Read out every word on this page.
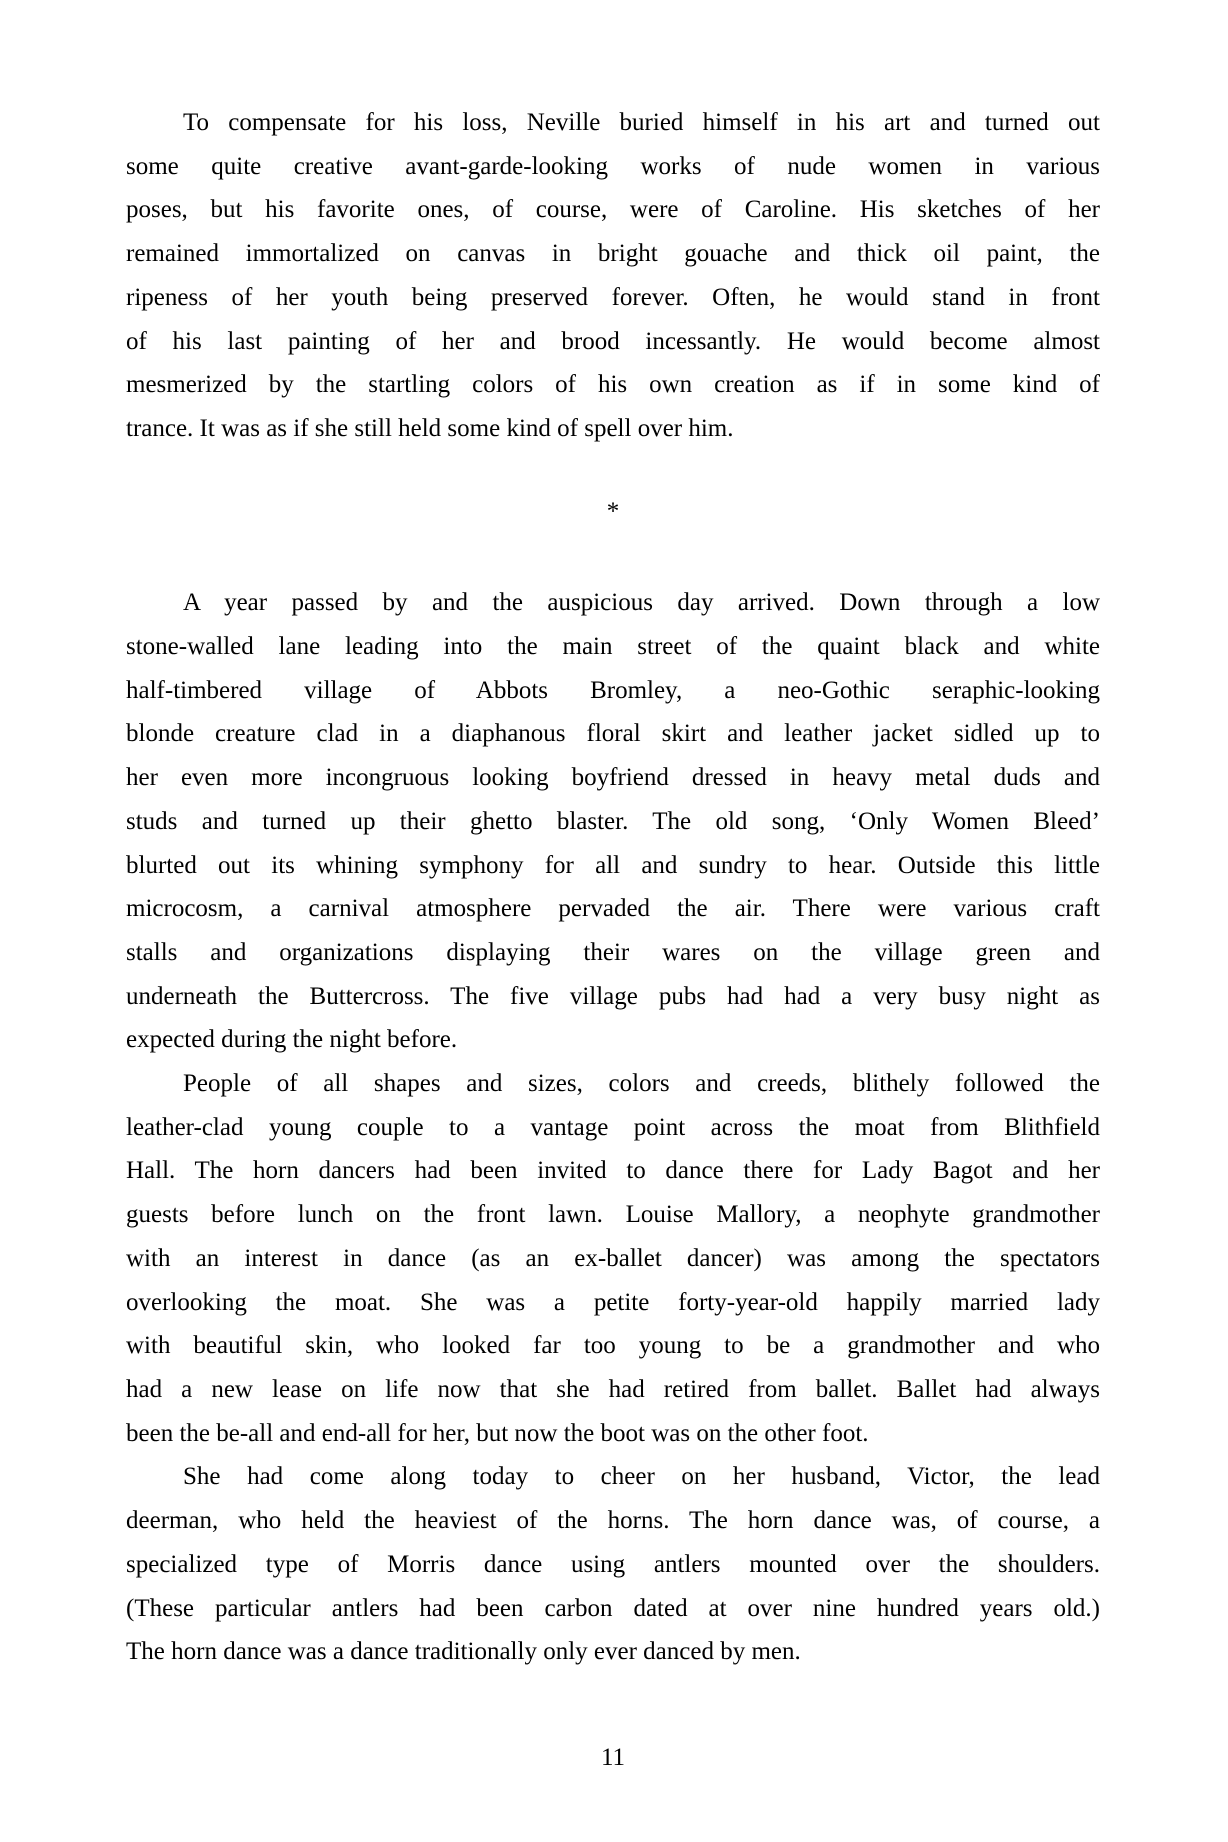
To compensate for his loss, Neville buried himself in his art and turned out
some quite creative avant-garde-looking works of nude women in various
poses, but his favorite ones, of course, were of Caroline. His sketches of her
remained immortalized on canvas in bright gouache and thick oil paint, the
ripeness of her youth being preserved forever. Often, he would stand in front
of his last painting of her and brood incessantly. He would become almost
mesmerized by the startling colors of his own creation as if in some kind of
trance. It was as if she still held some kind of spell over him.

*

A year passed by and the auspicious day arrived. Down through a low
stone-walled lane leading into the main street of the quaint black and white
half-timbered village of Abbots Bromley, a neo-Gothic seraphic-looking
blonde creature clad in a diaphanous floral skirt and leather jacket sidled up to
her even more incongruous looking boyfriend dressed in heavy metal duds and
studs and turned up their ghetto blaster. The old song, ‘Only Women Bleed’
blurted out its whining symphony for all and sundry to hear. Outside this little
microcosm, a carnival atmosphere pervaded the air. There were various craft
stalls and organizations displaying their wares on the village green and
underneath the Buttercross. The five village pubs had had a very busy night as
expected during the night before.

People of all shapes and sizes, colors and creeds, blithely followed the
leather-clad young couple to a vantage point across the moat from Blithfield
Hall. The horn dancers had been invited to dance there for Lady Bagot and her
guests before lunch on the front lawn. Louise Mallory, a neophyte grandmother
with an interest in dance (as an ex-ballet dancer) was among the spectators
overlooking the moat. She was a petite forty-year-old happily married lady
with beautiful skin, who looked far too young to be a grandmother and who
had a new lease on life now that she had retired from ballet. Ballet had always
been the be-all and end-all for her, but now the boot was on the other foot.

She had come along today to cheer on her husband, Victor, the lead
deerman, who held the heaviest of the horns. The horn dance was, of course, a
specialized type of Morris dance using antlers mounted over the shoulders.
(These particular antlers had been carbon dated at over nine hundred years old.)
The horn dance was a dance traditionally only ever danced by men.

11
